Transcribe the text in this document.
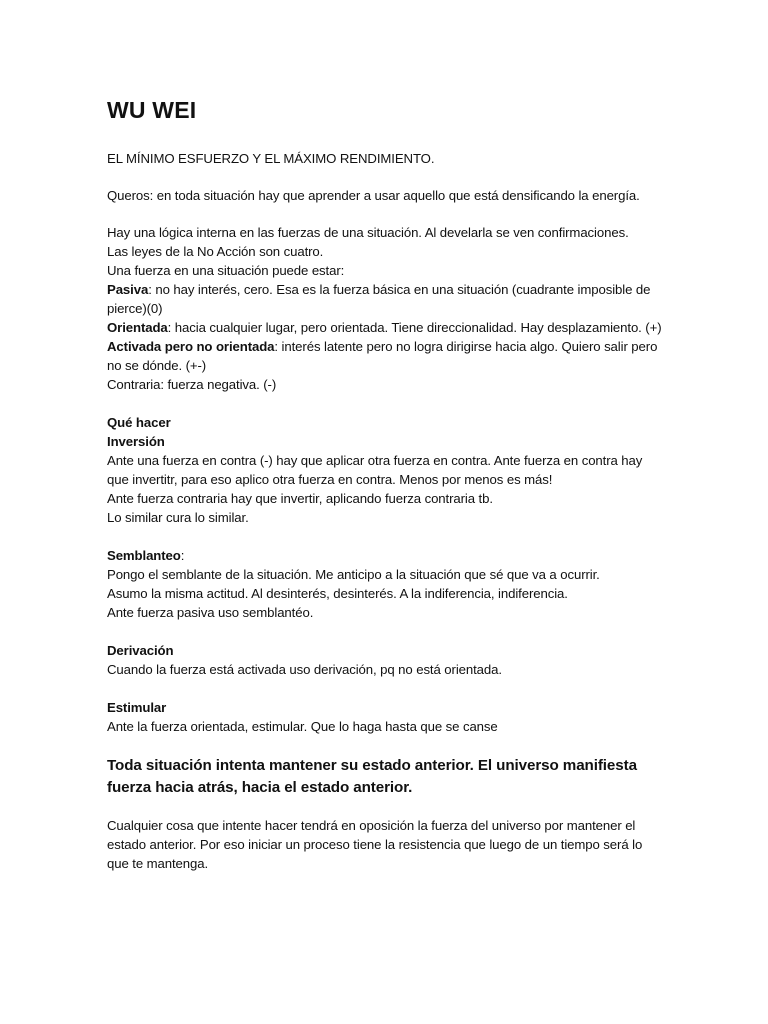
WU WEI

EL MÍNIMO ESFUERZO Y EL MÁXIMO RENDIMIENTO.

Queros: en toda situación hay que aprender a usar aquello que está densificando la energía.

Hay una lógica interna en las fuerzas de una situación. Al develarla se ven confirmaciones.

Las leyes de la No Acción son cuatro.

Una fuerza en una situación puede estar:

Pasiva: no hay interés, cero. Esa es la fuerza básica en una situación (cuadrante imposible de pierce)(0)

Orientada: hacia cualquier lugar, pero orientada. Tiene direccionalidad. Hay desplazamiento. (+)

Activada pero no orientada: interés latente pero no logra dirigirse hacia algo. Quiero salir pero no se dónde. (+-)

Contraria: fuerza negativa. (-)

Qué hacer

Inversión

Ante una fuerza en contra (-) hay que aplicar otra fuerza en contra. Ante fuerza en contra hay que invertitr, para eso aplico otra fuerza en contra. Menos por menos es más!

Ante fuerza contraria hay que invertir, aplicando fuerza contraria tb.

Lo similar cura lo similar.

Semblanteo:

Pongo el semblante de la situación. Me anticipo a la situación que sé que va a ocurrir.

Asumo la misma actitud. Al desinterés, desinterés. A la indiferencia, indiferencia.

Ante fuerza pasiva uso semblantéo.

Derivación

Cuando la fuerza está activada uso derivación, pq no está orientada.

Estimular

Ante la fuerza orientada, estimular. Que lo haga hasta que se canse

Toda situación intenta mantener su estado anterior. El universo manifiesta fuerza hacia atrás, hacia el estado anterior.

Cualquier cosa que intente hacer tendrá en oposición la fuerza del universo por mantener el estado anterior. Por eso iniciar un proceso tiene la resistencia que luego de un tiempo será lo que te mantenga.
